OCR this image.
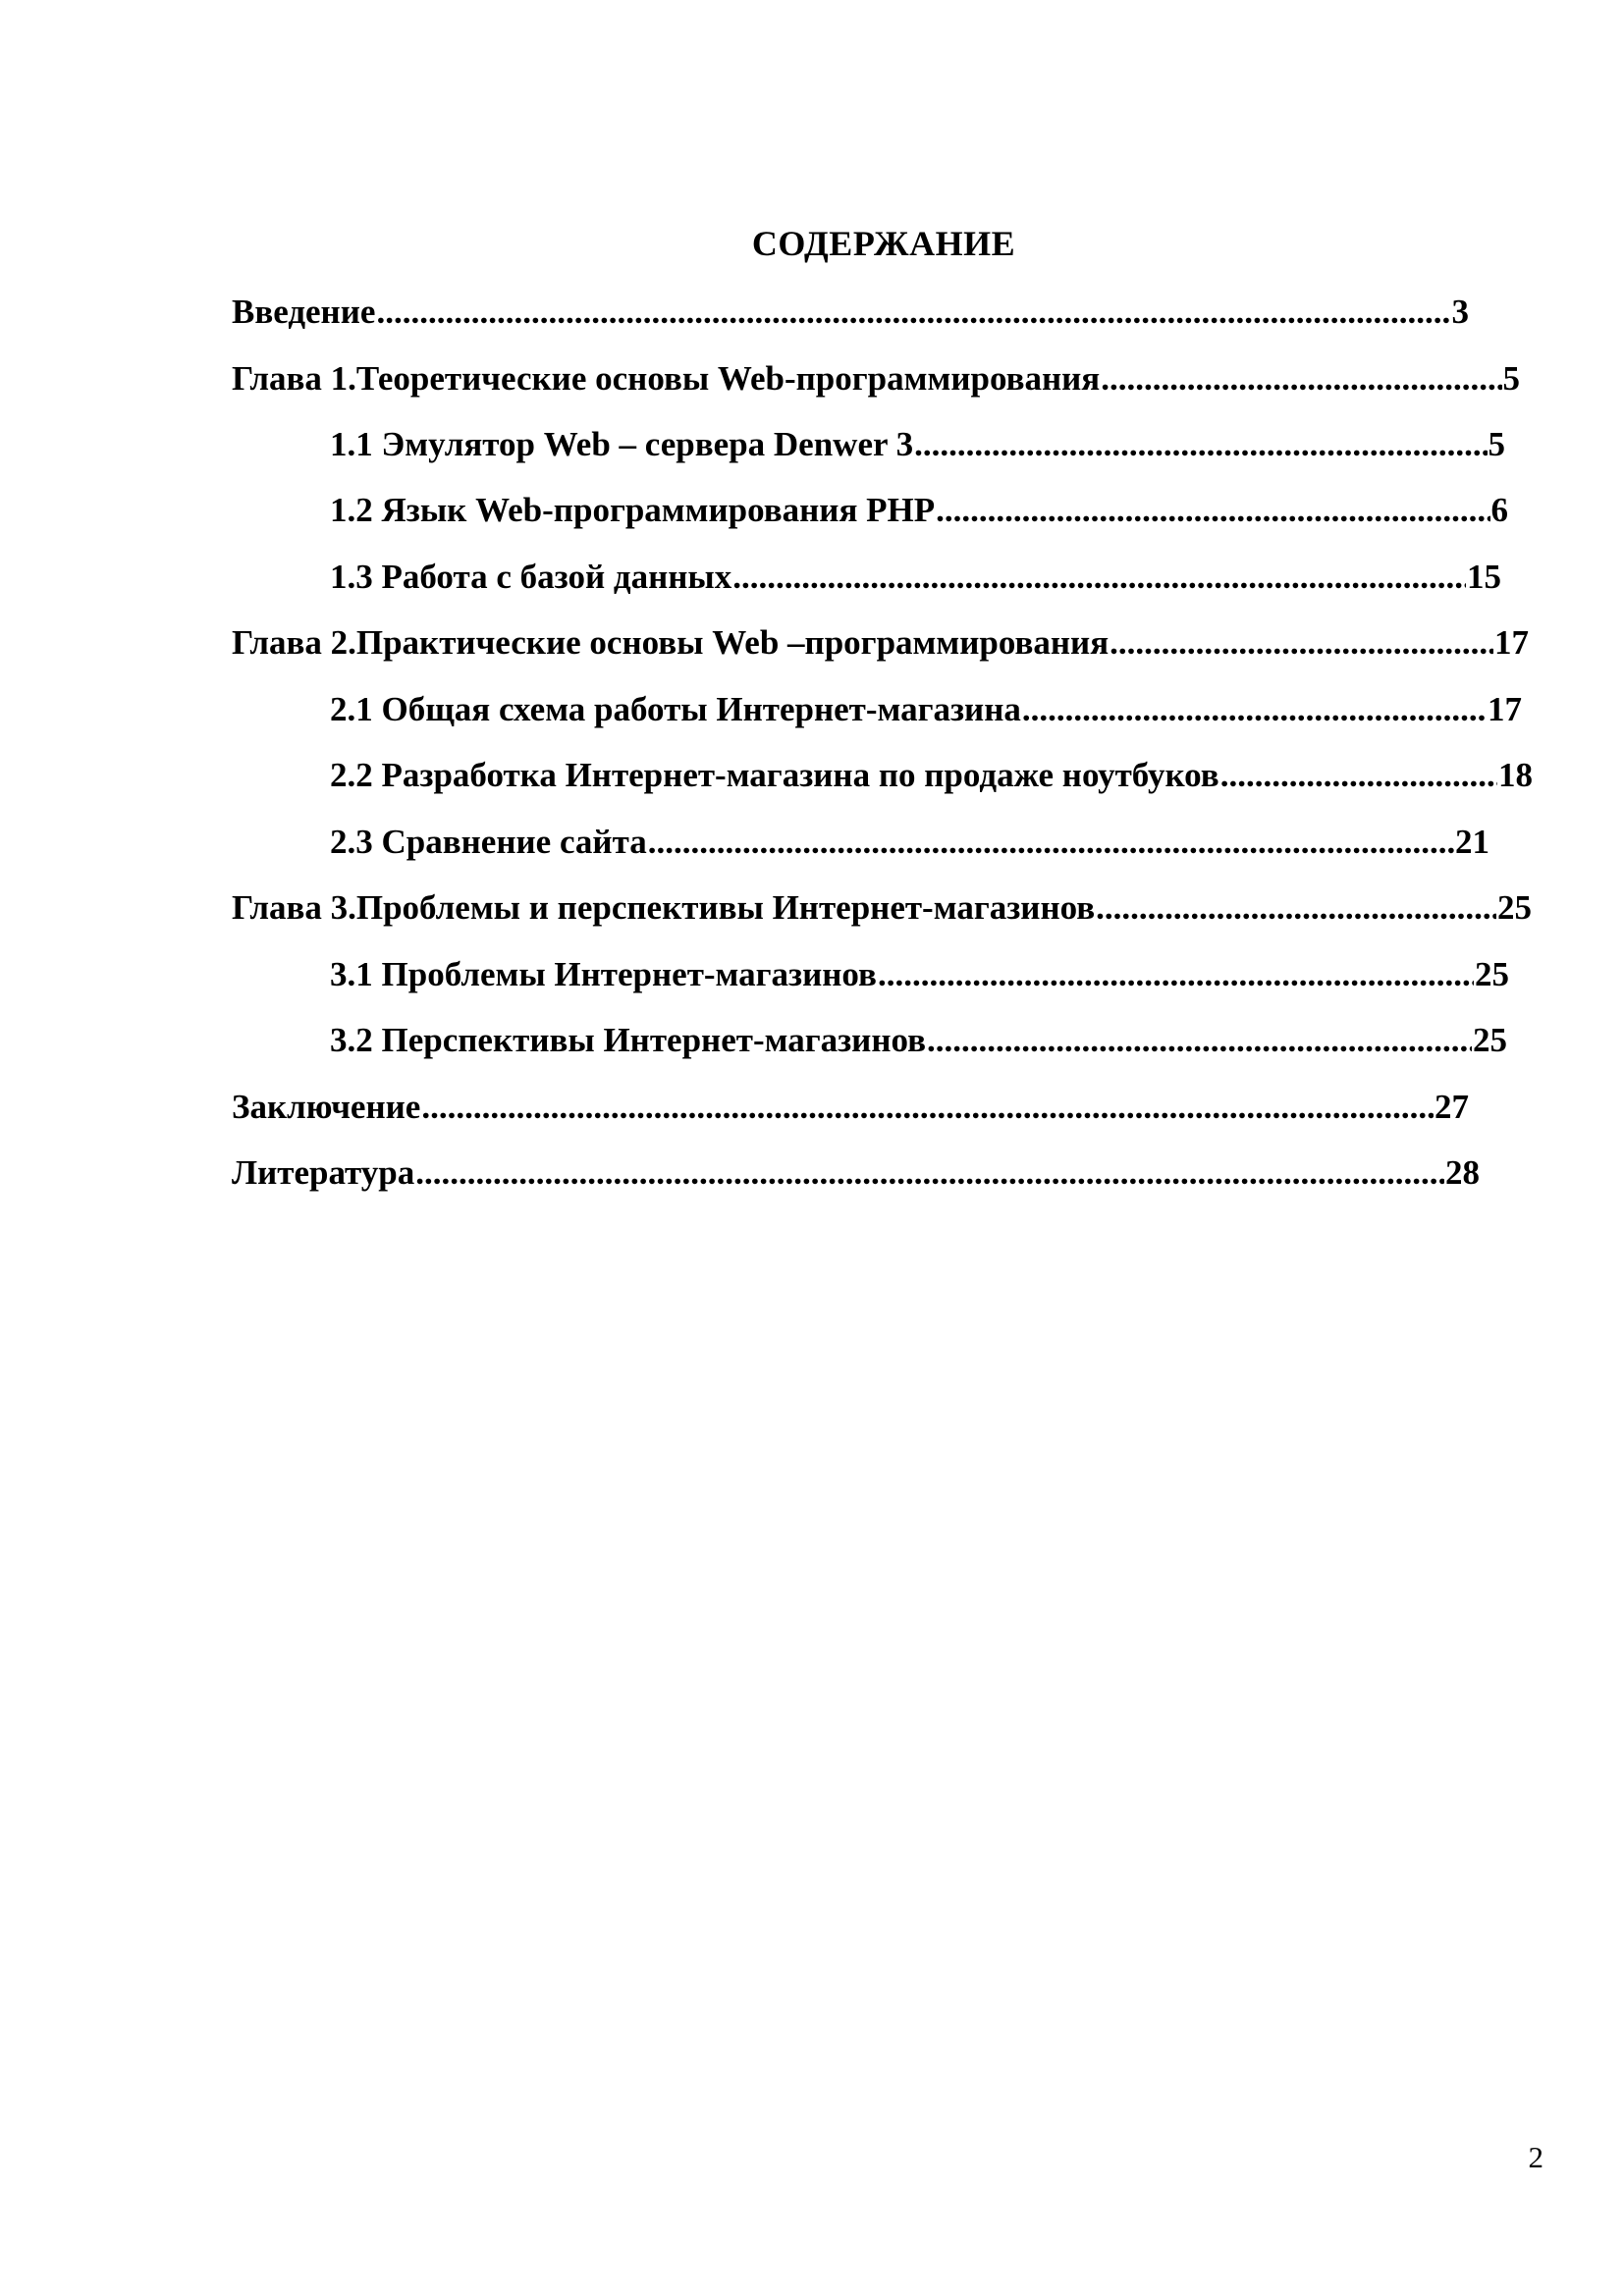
СОДЕРЖАНИЕ
Введение .....	3
Глава 1.Теоретические основы Web-программирования .....	5
1.1 Эмулятор Web – сервера Denwer 3 .....	5
1.2 Язык Web-программирования PHP .....	6
1.3 Работа с базой данных .....	15
Глава 2.Практические основы Web –программирования .....	17
2.1 Общая схема работы Интернет-магазина .....	17
2.2 Разработка Интернет-магазина по продаже ноутбуков .....	18
2.3 Сравнение сайта .....	21
Глава 3.Проблемы и перспективы Интернет-магазинов .....	25
3.1 Проблемы Интернет-магазинов .....	25
3.2 Перспективы Интернет-магазинов .....	25
Заключение .....	27
Литература .....	28
2
